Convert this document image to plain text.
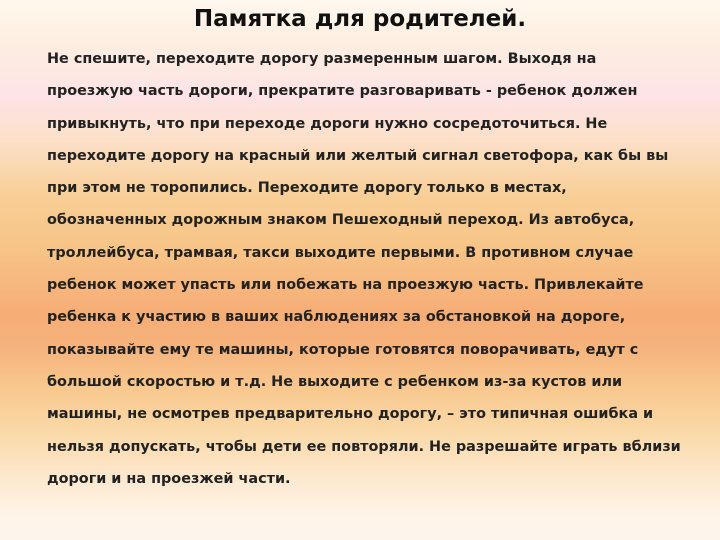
Памятка для родителей.

Не спешите, переходите дорогу размеренным шагом. Выходя на проезжую часть дороги, прекратите разговаривать - ребенок должен привыкнуть, что при переходе дороги нужно сосредоточиться. Не переходите дорогу на красный или желтый сигнал светофора, как бы вы при этом не торопились. Переходите дорогу только в местах, обозначенных дорожным знаком Пешеходный переход. Из автобуса, троллейбуса, трамвая, такси выходите первыми. В противном случае ребенок может упасть или побежать на проезжую часть. Привлекайте ребенка к участию в ваших наблюдениях за обстановкой на дороге, показывайте ему те машины, которые готовятся поворачивать, едут с большой скоростью и т.д. Не выходите с ребенком из-за кустов или машины, не осмотрев предварительно дорогу, – это типичная ошибка и нельзя допускать, чтобы дети ее повторяли. Не разрешайте играть вблизи дороги и на проезжей части.
